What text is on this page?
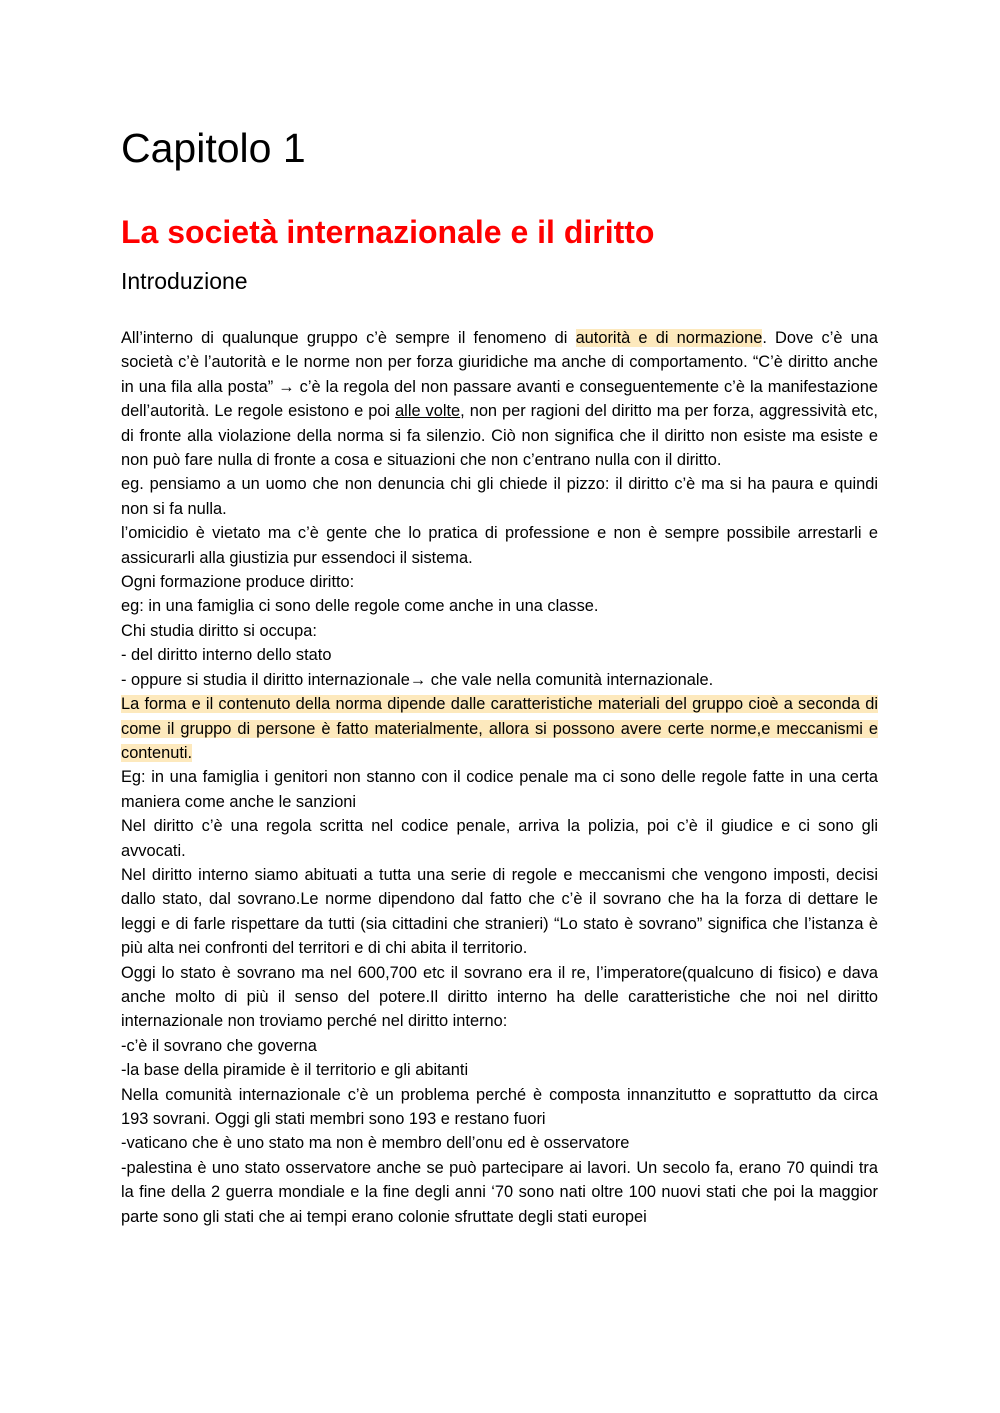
Capitolo 1
La società internazionale e il diritto
Introduzione

All’interno di qualunque gruppo c’è sempre il fenomeno di autorità e di normazione. Dove c’è una società c’è l’autorità e le norme non per forza giuridiche ma anche di comportamento. “C’è diritto anche in una fila alla posta” → c’è la regola del non passare avanti e conseguentemente c’è la manifestazione dell’autorità. Le regole esistono e poi alle volte, non per ragioni del diritto ma per forza, aggressività etc, di fronte alla violazione della norma si fa silenzio. Ciò non significa che il diritto non esiste ma esiste e non può fare nulla di fronte a cosa e situazioni che non c’entrano nulla con il diritto.

eg. pensiamo a un uomo che non denuncia chi gli chiede il pizzo: il diritto c’è ma si ha paura e quindi non si fa nulla.

l’omicidio è vietato ma c’è gente che lo pratica di professione e non è sempre possibile arrestarli e assicurarli alla giustizia pur essendoci il sistema.

Ogni formazione produce diritto:

eg: in una famiglia ci sono delle regole come anche in una classe.

Chi studia diritto si occupa:

- del diritto interno dello stato

- oppure si studia il diritto internazionale→ che vale nella comunità internazionale.

La forma e il contenuto della norma dipende dalle caratteristiche materiali del gruppo cioè a seconda di come il gruppo di persone è fatto materialmente, allora si possono avere certe norme,e meccanismi e contenuti.

Eg: in una famiglia i genitori non stanno con il codice penale ma ci sono delle regole fatte in una certa maniera come anche le sanzioni

Nel diritto c’è una regola scritta nel codice penale, arriva la polizia, poi c’è il giudice e ci sono gli avvocati.

Nel diritto interno siamo abituati a tutta una serie di regole e meccanismi che vengono imposti, decisi dallo stato, dal sovrano.Le norme dipendono dal fatto che c’è il sovrano che ha la forza di dettare le leggi e di farle rispettare da tutti (sia cittadini che stranieri) “Lo stato è sovrano” significa che l’istanza è più alta nei confronti del territori e di chi abita il territorio.

Oggi lo stato è sovrano ma nel 600,700 etc il sovrano era il re, l’imperatore(qualcuno di fisico) e dava anche molto di più il senso del potere.Il diritto interno ha delle caratteristiche che noi nel diritto internazionale non troviamo perché nel diritto interno:

-c’è il sovrano che governa

-la base della piramide è il territorio e gli abitanti

Nella comunità internazionale c’è un problema perché è composta innanzitutto e soprattutto da circa 193 sovrani. Oggi gli stati membri sono 193 e restano fuori

-vaticano che è uno stato ma non è membro dell’onu ed è osservatore

-palestina è uno stato osservatore anche se può partecipare ai lavori. Un secolo fa, erano 70 quindi tra la fine della 2 guerra mondiale e la fine degli anni ‘70 sono nati oltre 100 nuovi stati che poi la maggior parte sono gli stati che ai tempi erano colonie sfruttate degli stati europei
